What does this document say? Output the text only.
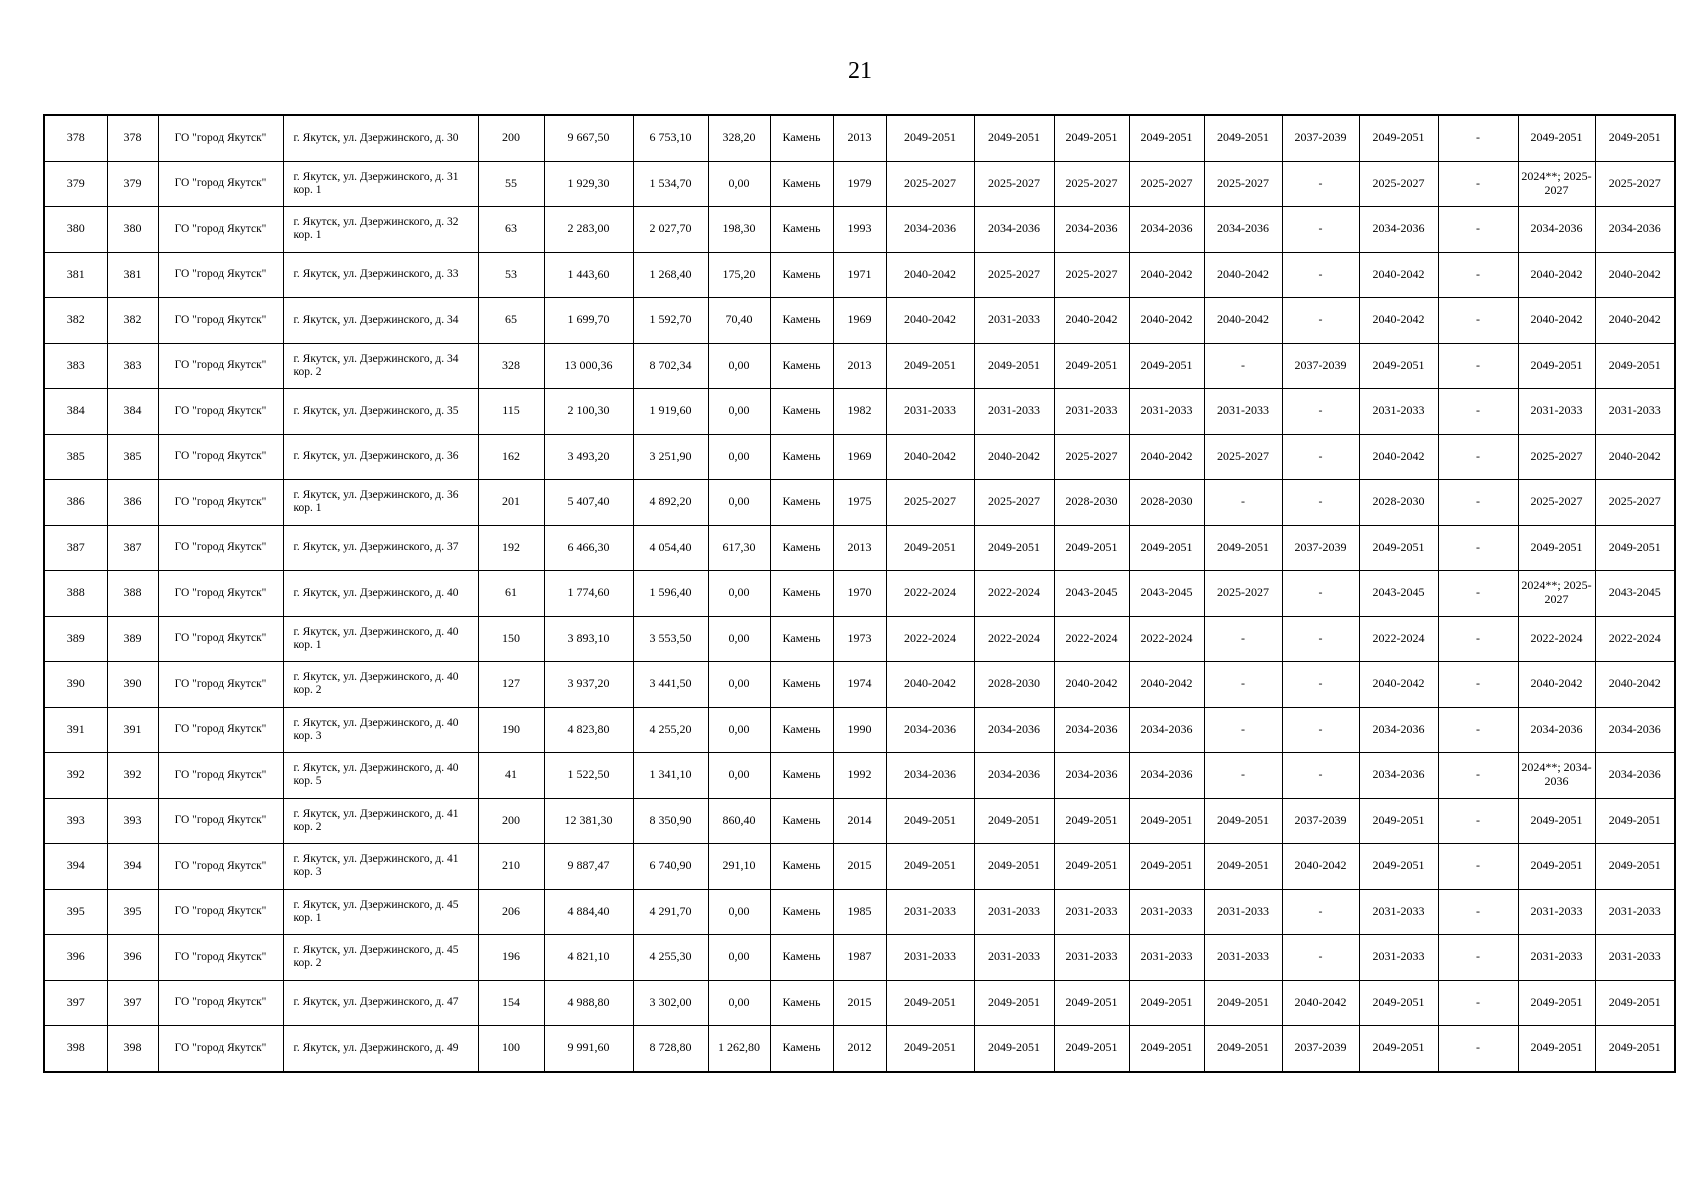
21
378	378	ГО "город Якутск"	г. Якутск, ул. Дзержинского, д. 30	200	9 667,50	6 753,10	328,20	Камень	2013	2049-2051	2049-2051	2049-2051	2049-2051	2049-2051	2037-2039	2049-2051	-	2049-2051	2049-2051
379	379	ГО "город Якутск"	г. Якутск, ул. Дзержинского, д. 31 кор. 1	55	1 929,30	1 534,70	0,00	Камень	1979	2025-2027	2025-2027	2025-2027	2025-2027	2025-2027	-	2025-2027	-	2024**; 2025-2027	2025-2027
380	380	ГО "город Якутск"	г. Якутск, ул. Дзержинского, д. 32 кор. 1	63	2 283,00	2 027,70	198,30	Камень	1993	2034-2036	2034-2036	2034-2036	2034-2036	2034-2036	-	2034-2036	-	2034-2036	2034-2036
381	381	ГО "город Якутск"	г. Якутск, ул. Дзержинского, д. 33	53	1 443,60	1 268,40	175,20	Камень	1971	2040-2042	2025-2027	2025-2027	2040-2042	2040-2042	-	2040-2042	-	2040-2042	2040-2042
382	382	ГО "город Якутск"	г. Якутск, ул. Дзержинского, д. 34	65	1 699,70	1 592,70	70,40	Камень	1969	2040-2042	2031-2033	2040-2042	2040-2042	2040-2042	-	2040-2042	-	2040-2042	2040-2042
383	383	ГО "город Якутск"	г. Якутск, ул. Дзержинского, д. 34 кор. 2	328	13 000,36	8 702,34	0,00	Камень	2013	2049-2051	2049-2051	2049-2051	2049-2051	-	2037-2039	2049-2051	-	2049-2051	2049-2051
384	384	ГО "город Якутск"	г. Якутск, ул. Дзержинского, д. 35	115	2 100,30	1 919,60	0,00	Камень	1982	2031-2033	2031-2033	2031-2033	2031-2033	2031-2033	-	2031-2033	-	2031-2033	2031-2033
385	385	ГО "город Якутск"	г. Якутск, ул. Дзержинского, д. 36	162	3 493,20	3 251,90	0,00	Камень	1969	2040-2042	2040-2042	2025-2027	2040-2042	2025-2027	-	2040-2042	-	2025-2027	2040-2042
386	386	ГО "город Якутск"	г. Якутск, ул. Дзержинского, д. 36 кор. 1	201	5 407,40	4 892,20	0,00	Камень	1975	2025-2027	2025-2027	2028-2030	2028-2030	-	-	2028-2030	-	2025-2027	2025-2027
387	387	ГО "город Якутск"	г. Якутск, ул. Дзержинского, д. 37	192	6 466,30	4 054,40	617,30	Камень	2013	2049-2051	2049-2051	2049-2051	2049-2051	2049-2051	2037-2039	2049-2051	-	2049-2051	2049-2051
388	388	ГО "город Якутск"	г. Якутск, ул. Дзержинского, д. 40	61	1 774,60	1 596,40	0,00	Камень	1970	2022-2024	2022-2024	2043-2045	2043-2045	2025-2027	-	2043-2045	-	2024**; 2025-2027	2043-2045
389	389	ГО "город Якутск"	г. Якутск, ул. Дзержинского, д. 40 кор. 1	150	3 893,10	3 553,50	0,00	Камень	1973	2022-2024	2022-2024	2022-2024	2022-2024	-	-	2022-2024	-	2022-2024	2022-2024
390	390	ГО "город Якутск"	г. Якутск, ул. Дзержинского, д. 40 кор. 2	127	3 937,20	3 441,50	0,00	Камень	1974	2040-2042	2028-2030	2040-2042	2040-2042	-	-	2040-2042	-	2040-2042	2040-2042
391	391	ГО "город Якутск"	г. Якутск, ул. Дзержинского, д. 40 кор. 3	190	4 823,80	4 255,20	0,00	Камень	1990	2034-2036	2034-2036	2034-2036	2034-2036	-	-	2034-2036	-	2034-2036	2034-2036
392	392	ГО "город Якутск"	г. Якутск, ул. Дзержинского, д. 40 кор. 5	41	1 522,50	1 341,10	0,00	Камень	1992	2034-2036	2034-2036	2034-2036	2034-2036	-	-	2034-2036	-	2024**; 2034-2036	2034-2036
393	393	ГО "город Якутск"	г. Якутск, ул. Дзержинского, д. 41 кор. 2	200	12 381,30	8 350,90	860,40	Камень	2014	2049-2051	2049-2051	2049-2051	2049-2051	2049-2051	2037-2039	2049-2051	-	2049-2051	2049-2051
394	394	ГО "город Якутск"	г. Якутск, ул. Дзержинского, д. 41 кор. 3	210	9 887,47	6 740,90	291,10	Камень	2015	2049-2051	2049-2051	2049-2051	2049-2051	2049-2051	2040-2042	2049-2051	-	2049-2051	2049-2051
395	395	ГО "город Якутск"	г. Якутск, ул. Дзержинского, д. 45 кор. 1	206	4 884,40	4 291,70	0,00	Камень	1985	2031-2033	2031-2033	2031-2033	2031-2033	2031-2033	-	2031-2033	-	2031-2033	2031-2033
396	396	ГО "город Якутск"	г. Якутск, ул. Дзержинского, д. 45 кор. 2	196	4 821,10	4 255,30	0,00	Камень	1987	2031-2033	2031-2033	2031-2033	2031-2033	2031-2033	-	2031-2033	-	2031-2033	2031-2033
397	397	ГО "город Якутск"	г. Якутск, ул. Дзержинского, д. 47	154	4 988,80	3 302,00	0,00	Камень	2015	2049-2051	2049-2051	2049-2051	2049-2051	2049-2051	2040-2042	2049-2051	-	2049-2051	2049-2051
398	398	ГО "город Якутск"	г. Якутск, ул. Дзержинского, д. 49	100	9 991,60	8 728,80	1 262,80	Камень	2012	2049-2051	2049-2051	2049-2051	2049-2051	2049-2051	2037-2039	2049-2051	-	2049-2051	2049-2051
